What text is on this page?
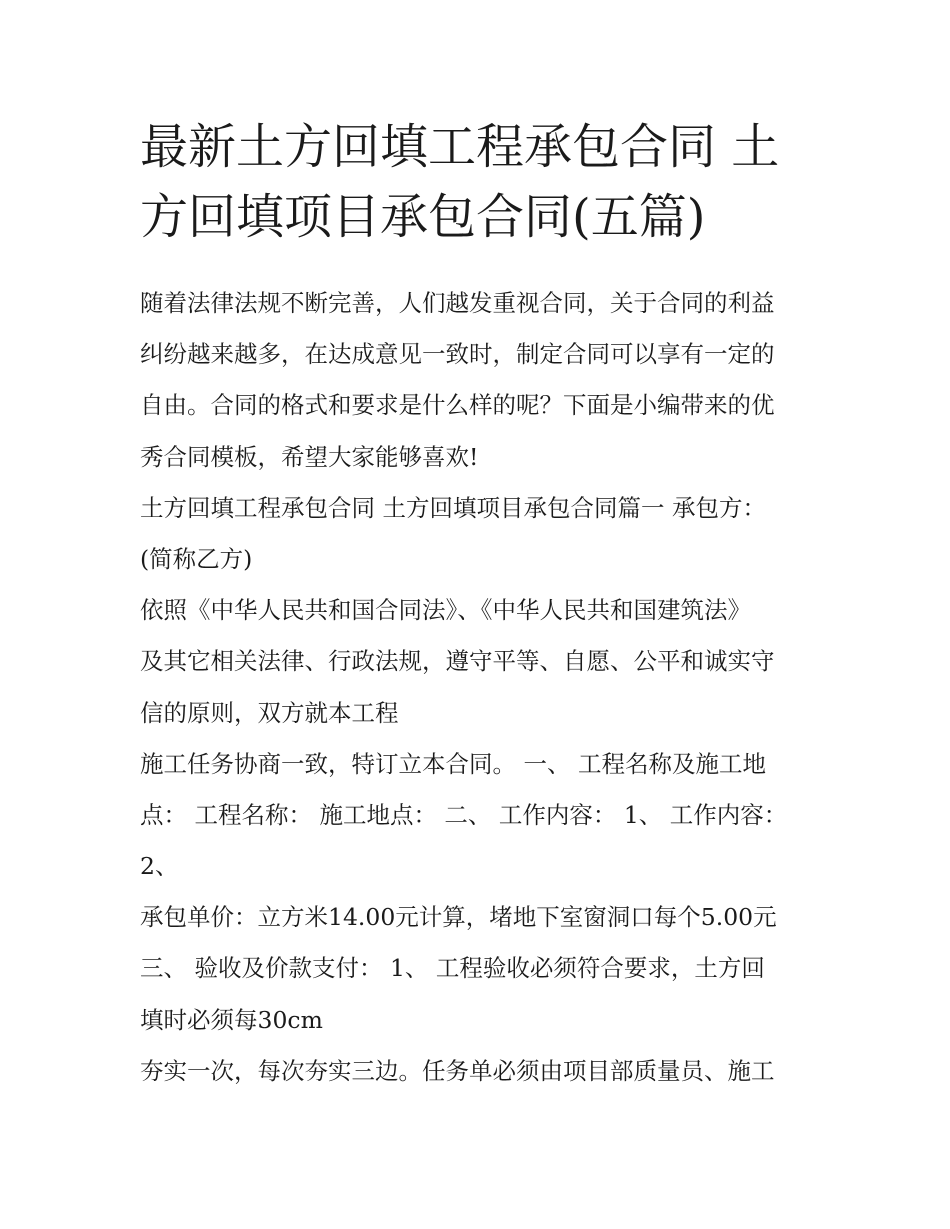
最新土方回填工程承包合同 土
方回填项目承包合同(五篇)

随着法律法规不断完善，人们越发重视合同，关于合同的利益

纠纷越来越多，在达成意见一致时，制定合同可以享有一定的

自由。合同的格式和要求是什么样的呢？下面是小编带来的优

秀合同模板，希望大家能够喜欢!

土方回填工程承包合同 土方回填项目承包合同篇一 承包方：

(简称乙方)

依照《中华人民共和国合同法》、《中华人民共和国建筑法》

及其它相关法律、行政法规，遵守平等、自愿、公平和诚实守

信的原则，双方就本工程

施工任务协商一致，特订立本合同。 一、 工程名称及施工地

点： 工程名称： 施工地点： 二、 工作内容： 1、 工作内容：

2、

承包单价：立方米14.00元计算，堵地下室窗洞口每个5.00元

三、 验收及价款支付： 1、 工程验收必须符合要求，土方回

填时必须每30cm

夯实一次，每次夯实三边。任务单必须由项目部质量员、施工
